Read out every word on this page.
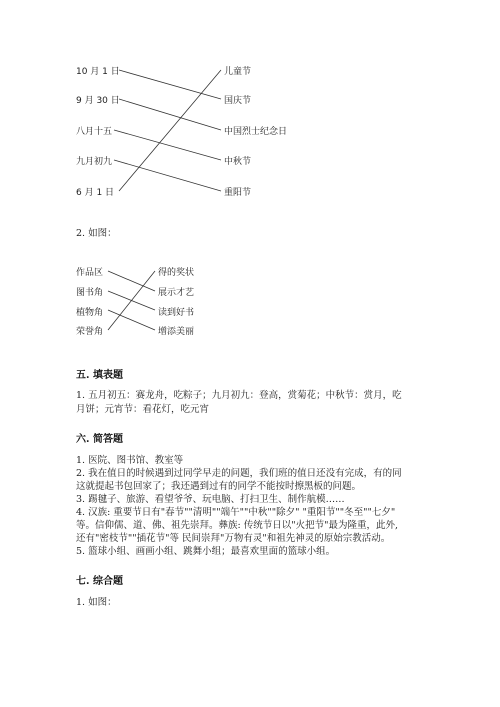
10 月 1 日
9 月 30 日
八月十五
九月初九
6 月 1 日
儿童节
国庆节
中国烈士纪念日
中秋节
重阳节
2. 如图：
作品区
图书角
植物角
荣誉角
得的奖状
展示才艺
读到好书
增添美丽
五. 填表题
1. 五月初五：赛龙舟，吃粽子；九月初九：登高，赏菊花；中秋节：赏月，吃
月饼；元宵节：看花灯，吃元宵
六. 简答题
1. 医院、图书馆、教室等
2. 我在值日的时候遇到过同学早走的问题，我们班的值日还没有完成，有的同
这就提起书包回家了；我还遇到过有的同学不能按时擦黑板的问题。
3. 踢毽子、旅游、看望爷爷、玩电脑、打扫卫生、制作航模……
4. 汉族: 重要节日有"春节""清明""端午""中秋""除夕" "重阳节""冬至""七夕"
等。信仰儒、道、佛、祖先崇拜。彝族: 传统节日以"火把节"最为隆重，此外,
还有"密枝节""插花节"等 民间崇拜"万物有灵"和祖先神灵的原始宗教活动。
5. 篮球小组、画画小组、跳舞小组；最喜欢里面的篮球小组。
七. 综合题
1. 如图：
